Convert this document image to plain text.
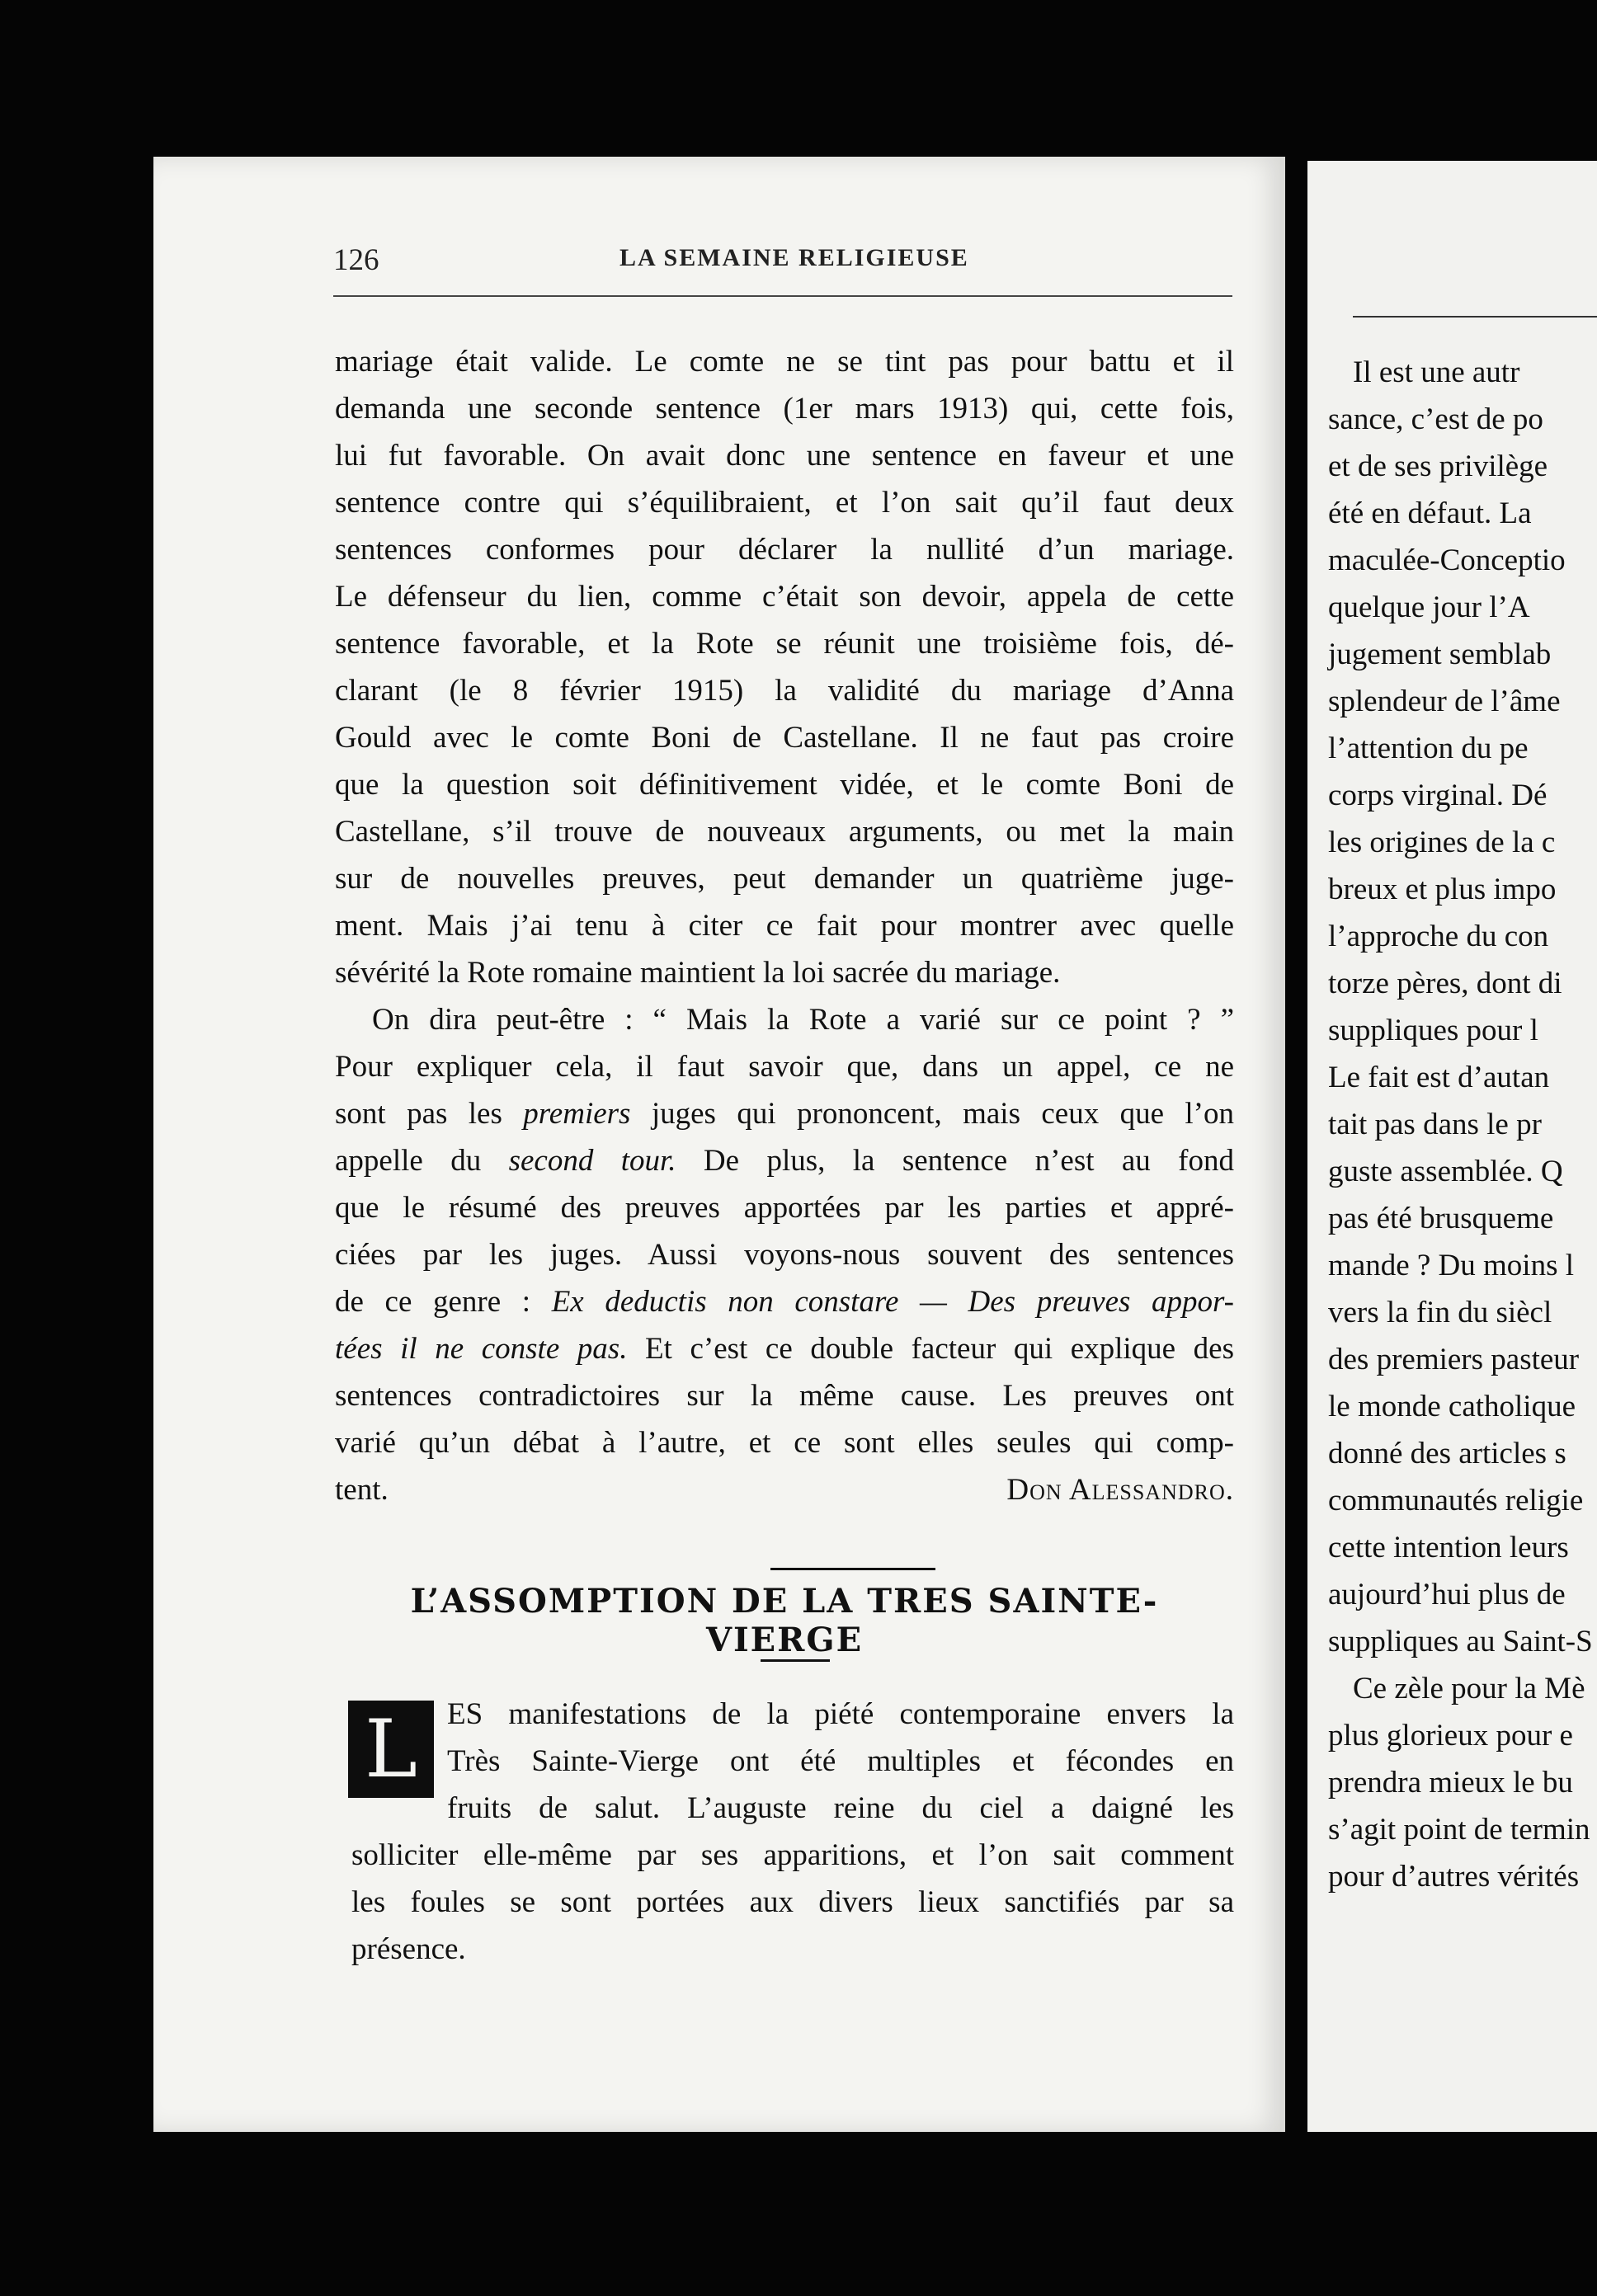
126	LA SEMAINE RELIGIEUSE
mariage était valide. Le comte ne se tint pas pour battu et il
demanda une seconde sentence (1er mars 1913) qui, cette fois,
lui fut favorable. On avait donc une sentence en faveur et une
sentence contre qui s’équilibraient, et l’on sait qu’il faut deux
sentences conformes pour déclarer la nullité d’un mariage.
Le défenseur du lien, comme c’était son devoir, appela de cette
sentence favorable, et la Rote se réunit une troisième fois, dé-
clarant (le 8 février 1915) la validité du mariage d’Anna
Gould avec le comte Boni de Castellane. Il ne faut pas croire
que la question soit définitivement vidée, et le comte Boni de
Castellane, s’il trouve de nouveaux arguments, ou met la main
sur de nouvelles preuves, peut demander un quatrième juge-
ment. Mais j’ai tenu à citer ce fait pour montrer avec quelle
sévérité la Rote romaine maintient la loi sacrée du mariage.
On dira peut-être : “ Mais la Rote a varié sur ce point ? ”
Pour expliquer cela, il faut savoir que, dans un appel, ce ne
sont pas les premiers juges qui prononcent, mais ceux que l’on
appelle du second tour. De plus, la sentence n’est au fond
que le résumé des preuves apportées par les parties et appré-
ciées par les juges. Aussi voyons-nous souvent des sentences
de ce genre : Ex deductis non constare — Des preuves appor-
tées il ne conste pas. Et c’est ce double facteur qui explique des
sentences contradictoires sur la même cause. Les preuves ont
varié qu’un débat à l’autre, et ce sont elles seules qui comp-
tent.	Don Alessandro.
L’ASSOMPTION DE LA TRES SAINTE-VIERGE
L ES manifestations de la piété contemporaine envers la
Très Sainte-Vierge ont été multiples et fécondes en
fruits de salut. L’auguste reine du ciel a daigné les
solliciter elle-même par ses apparitions, et l’on sait comment
les foules se sont portées aux divers lieux sanctifiés par sa
présence.
Il est une autr
sance, c’est de po
et de ses privilège
été en défaut. La
maculée-Conceptio
quelque jour l’A
jugement semblab
splendeur de l’âme
l’attention du pe
corps virginal. Dé
les origines de la c
breux et plus impo
l’approche du con
torze pères, dont di
suppliques pour l
Le fait est d’autan
tait pas dans le pr
guste assemblée. Q
pas été brusqueme
mande ? Du moins l
vers la fin du siècl
des premiers pasteur
le monde catholique
donné des articles s
communautés religie
cette intention leurs
aujourd’hui plus de
suppliques au Saint-S
Ce zèle pour la Mè
plus glorieux pour e
prendra mieux le bu
s’agit point de termin
pour d’autres vérités
